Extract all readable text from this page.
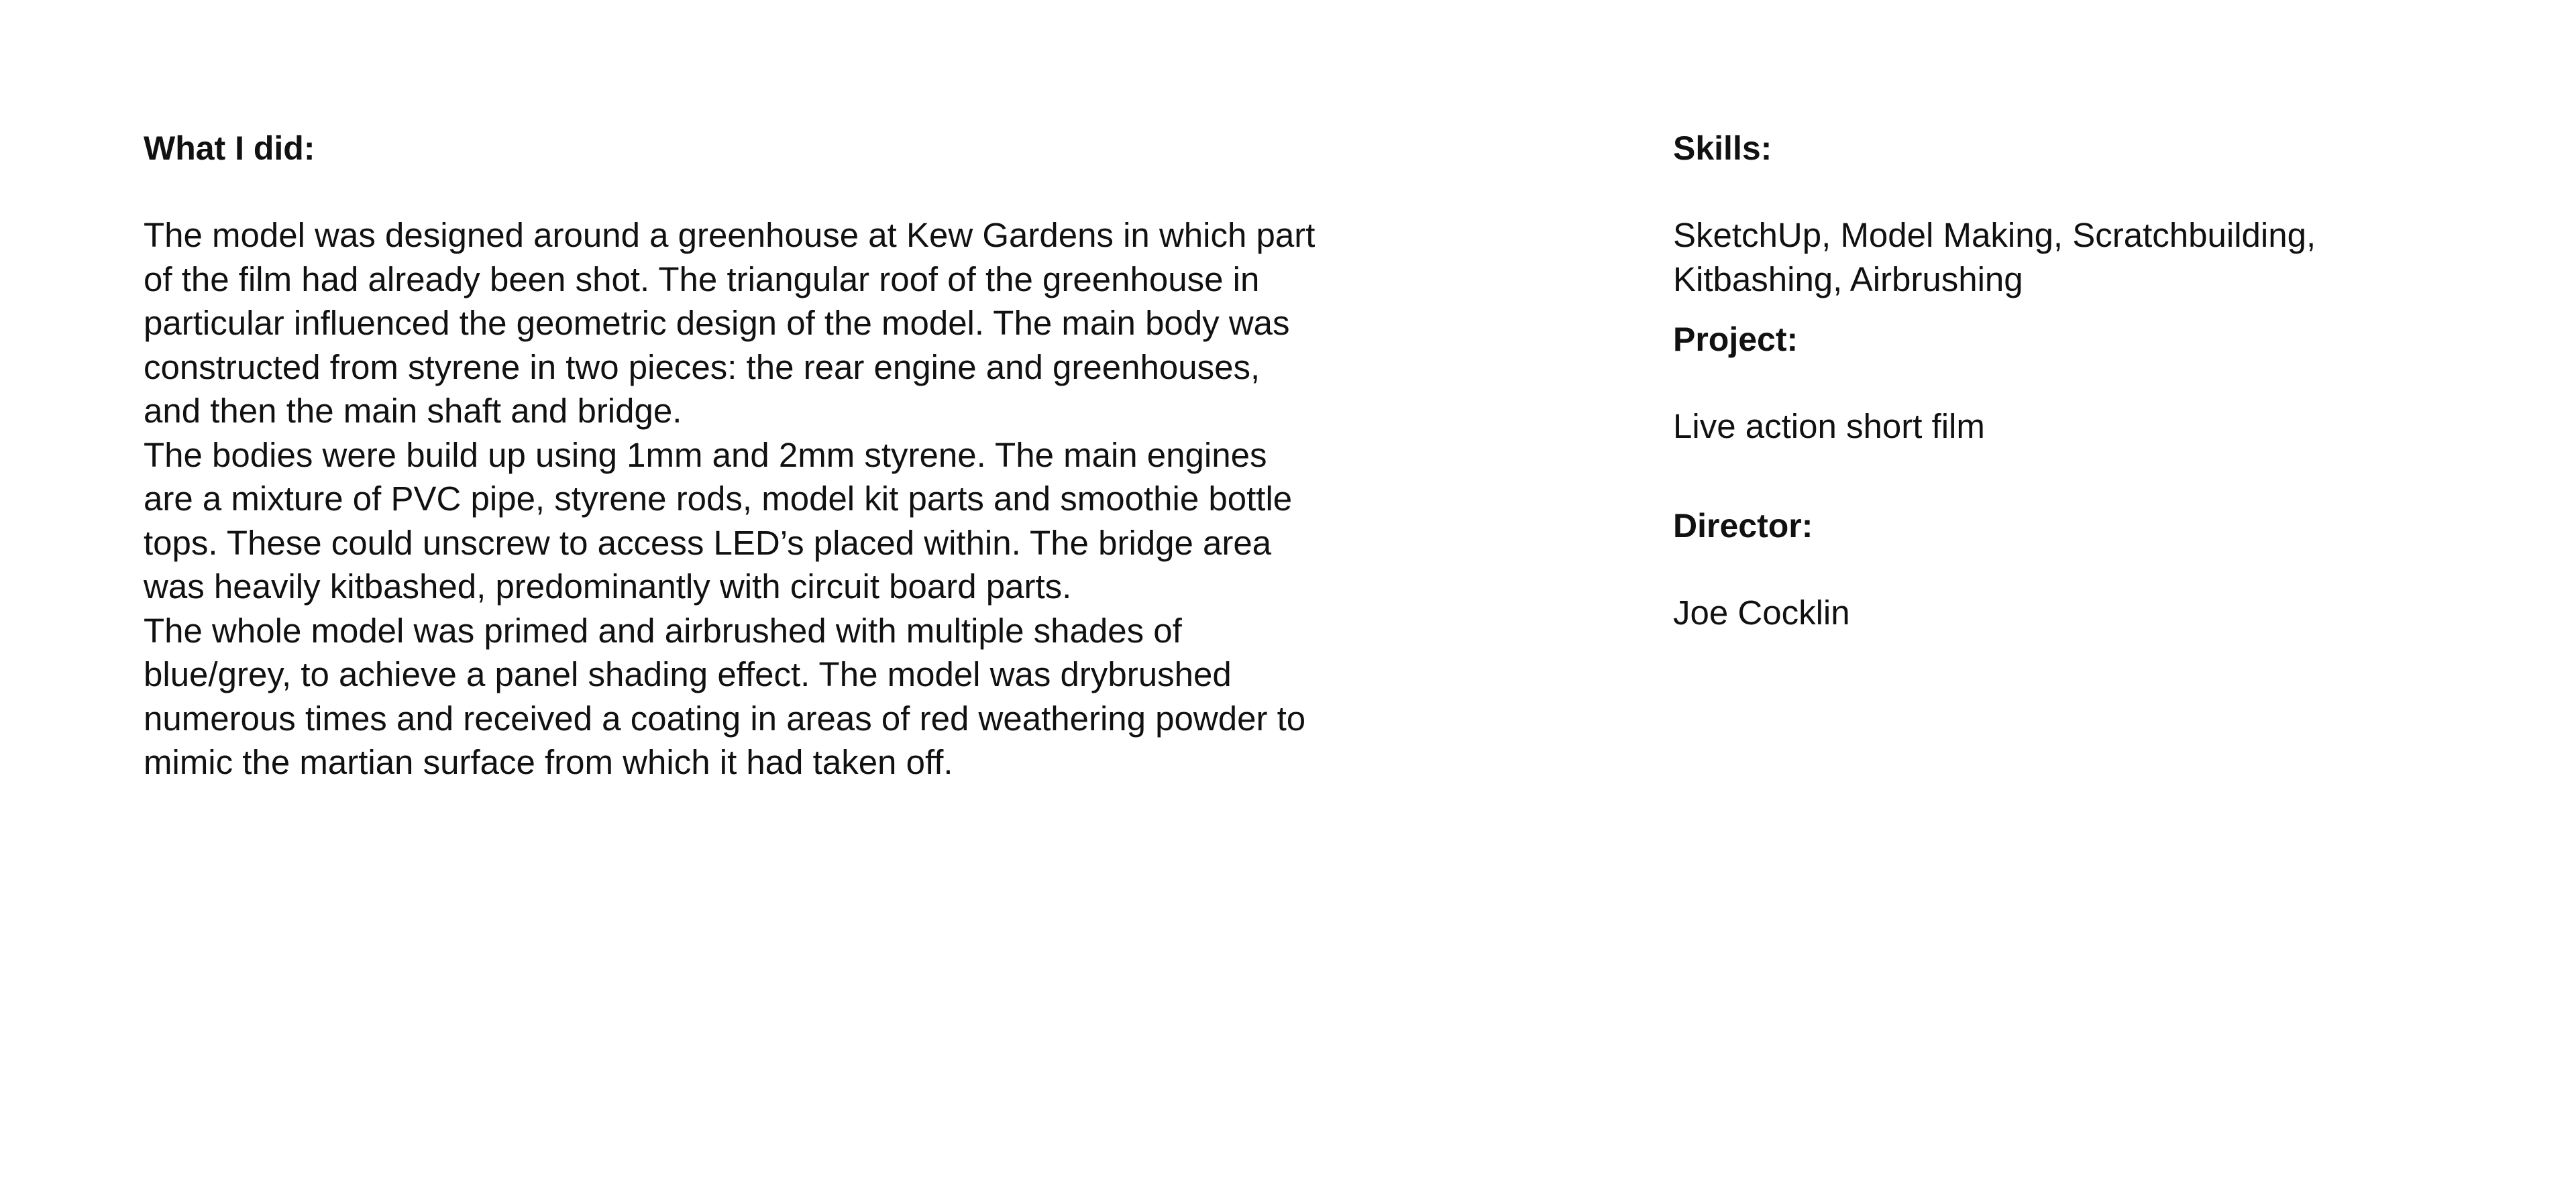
What I did:

The model was designed around a greenhouse at Kew Gardens in which part of the film had already been shot. The triangular roof of the greenhouse in particular influenced the geometric design of the model. The main body was constructed from styrene in two pieces: the rear engine and greenhouses, and then the main shaft and bridge.

The bodies were build up using 1mm and 2mm styrene. The main engines are a mixture of PVC pipe, styrene rods, model kit parts and smoothie bottle tops. These could unscrew to access LED’s placed within. The bridge area was heavily kitbashed, predominantly with circuit board parts.

The whole model was primed and airbrushed with multiple shades of blue/grey, to achieve a panel shading effect. The model was drybrushed numerous times and received a coating in areas of red weathering powder to mimic the martian surface from which it had taken off.

Skills:
SketchUp, Model Making, Scratchbuilding, Kitbashing, Airbrushing
Project:
Live action short film
Director:
Joe Cocklin
